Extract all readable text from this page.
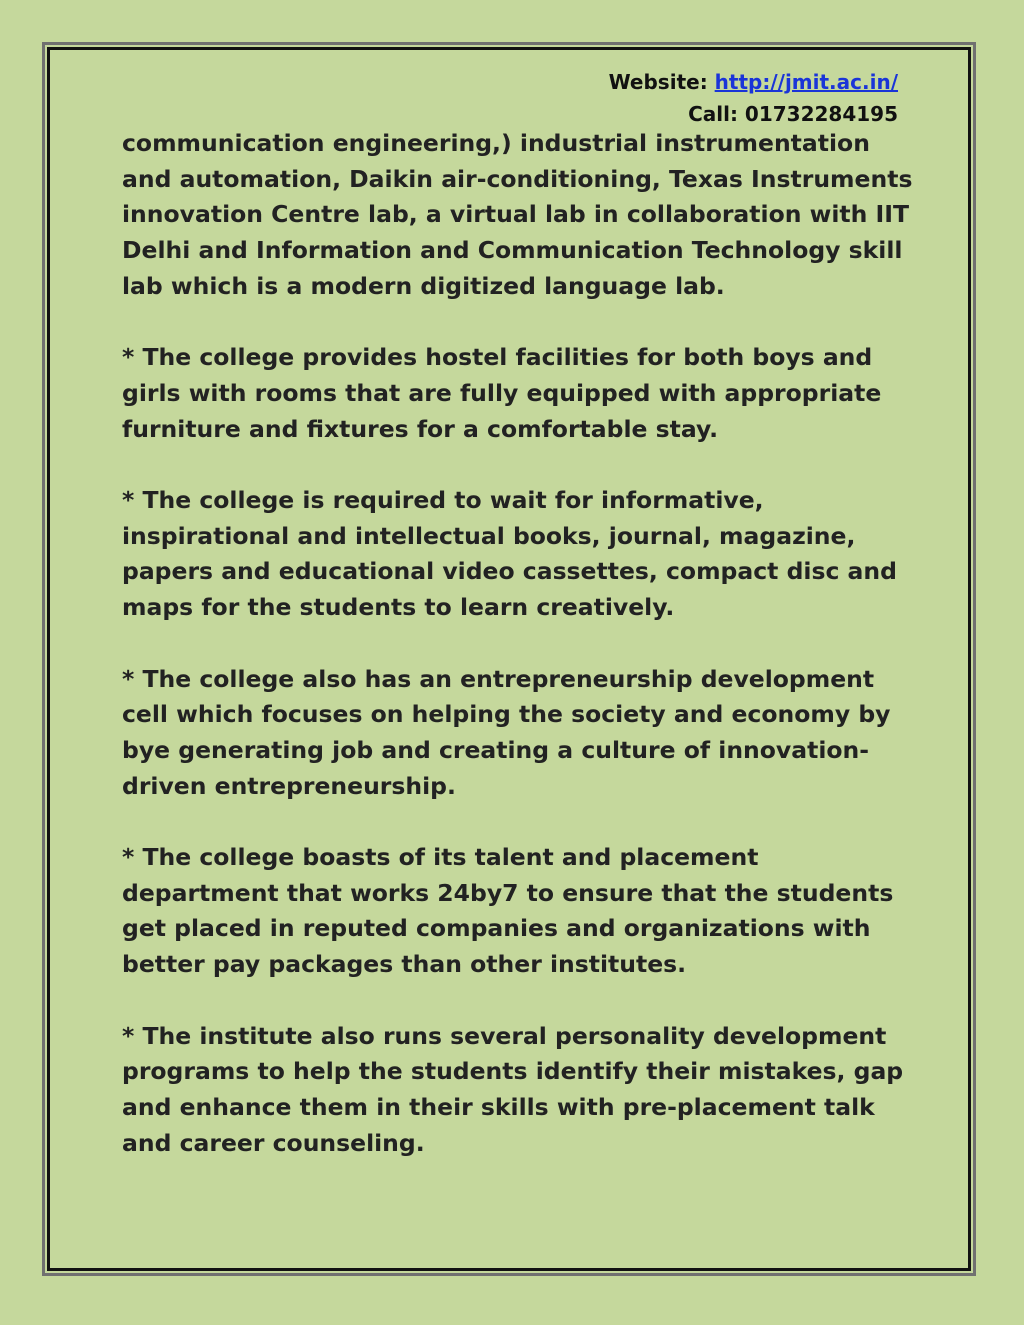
Website: http://jmit.ac.in/
Call: 01732284195

communication engineering,) industrial instrumentation and automation, Daikin air-conditioning, Texas Instruments innovation Centre lab, a virtual lab in collaboration with IIT Delhi and Information and Communication Technology skill lab which is a modern digitized language lab.

* The college provides hostel facilities for both boys and girls with rooms that are fully equipped with appropriate furniture and fixtures for a comfortable stay.

* The college is required to wait for informative, inspirational and intellectual books, journal, magazine, papers and educational video cassettes, compact disc and maps for the students to learn creatively.

* The college also has an entrepreneurship development cell which focuses on helping the society and economy by bye generating job and creating a culture of innovation-driven entrepreneurship.

* The college boasts of its talent and placement department that works 24by7 to ensure that the students get placed in reputed companies and organizations with better pay packages than other institutes.

* The institute also runs several personality development programs to help the students identify their mistakes, gap and enhance them in their skills with pre-placement talk and career counseling.
